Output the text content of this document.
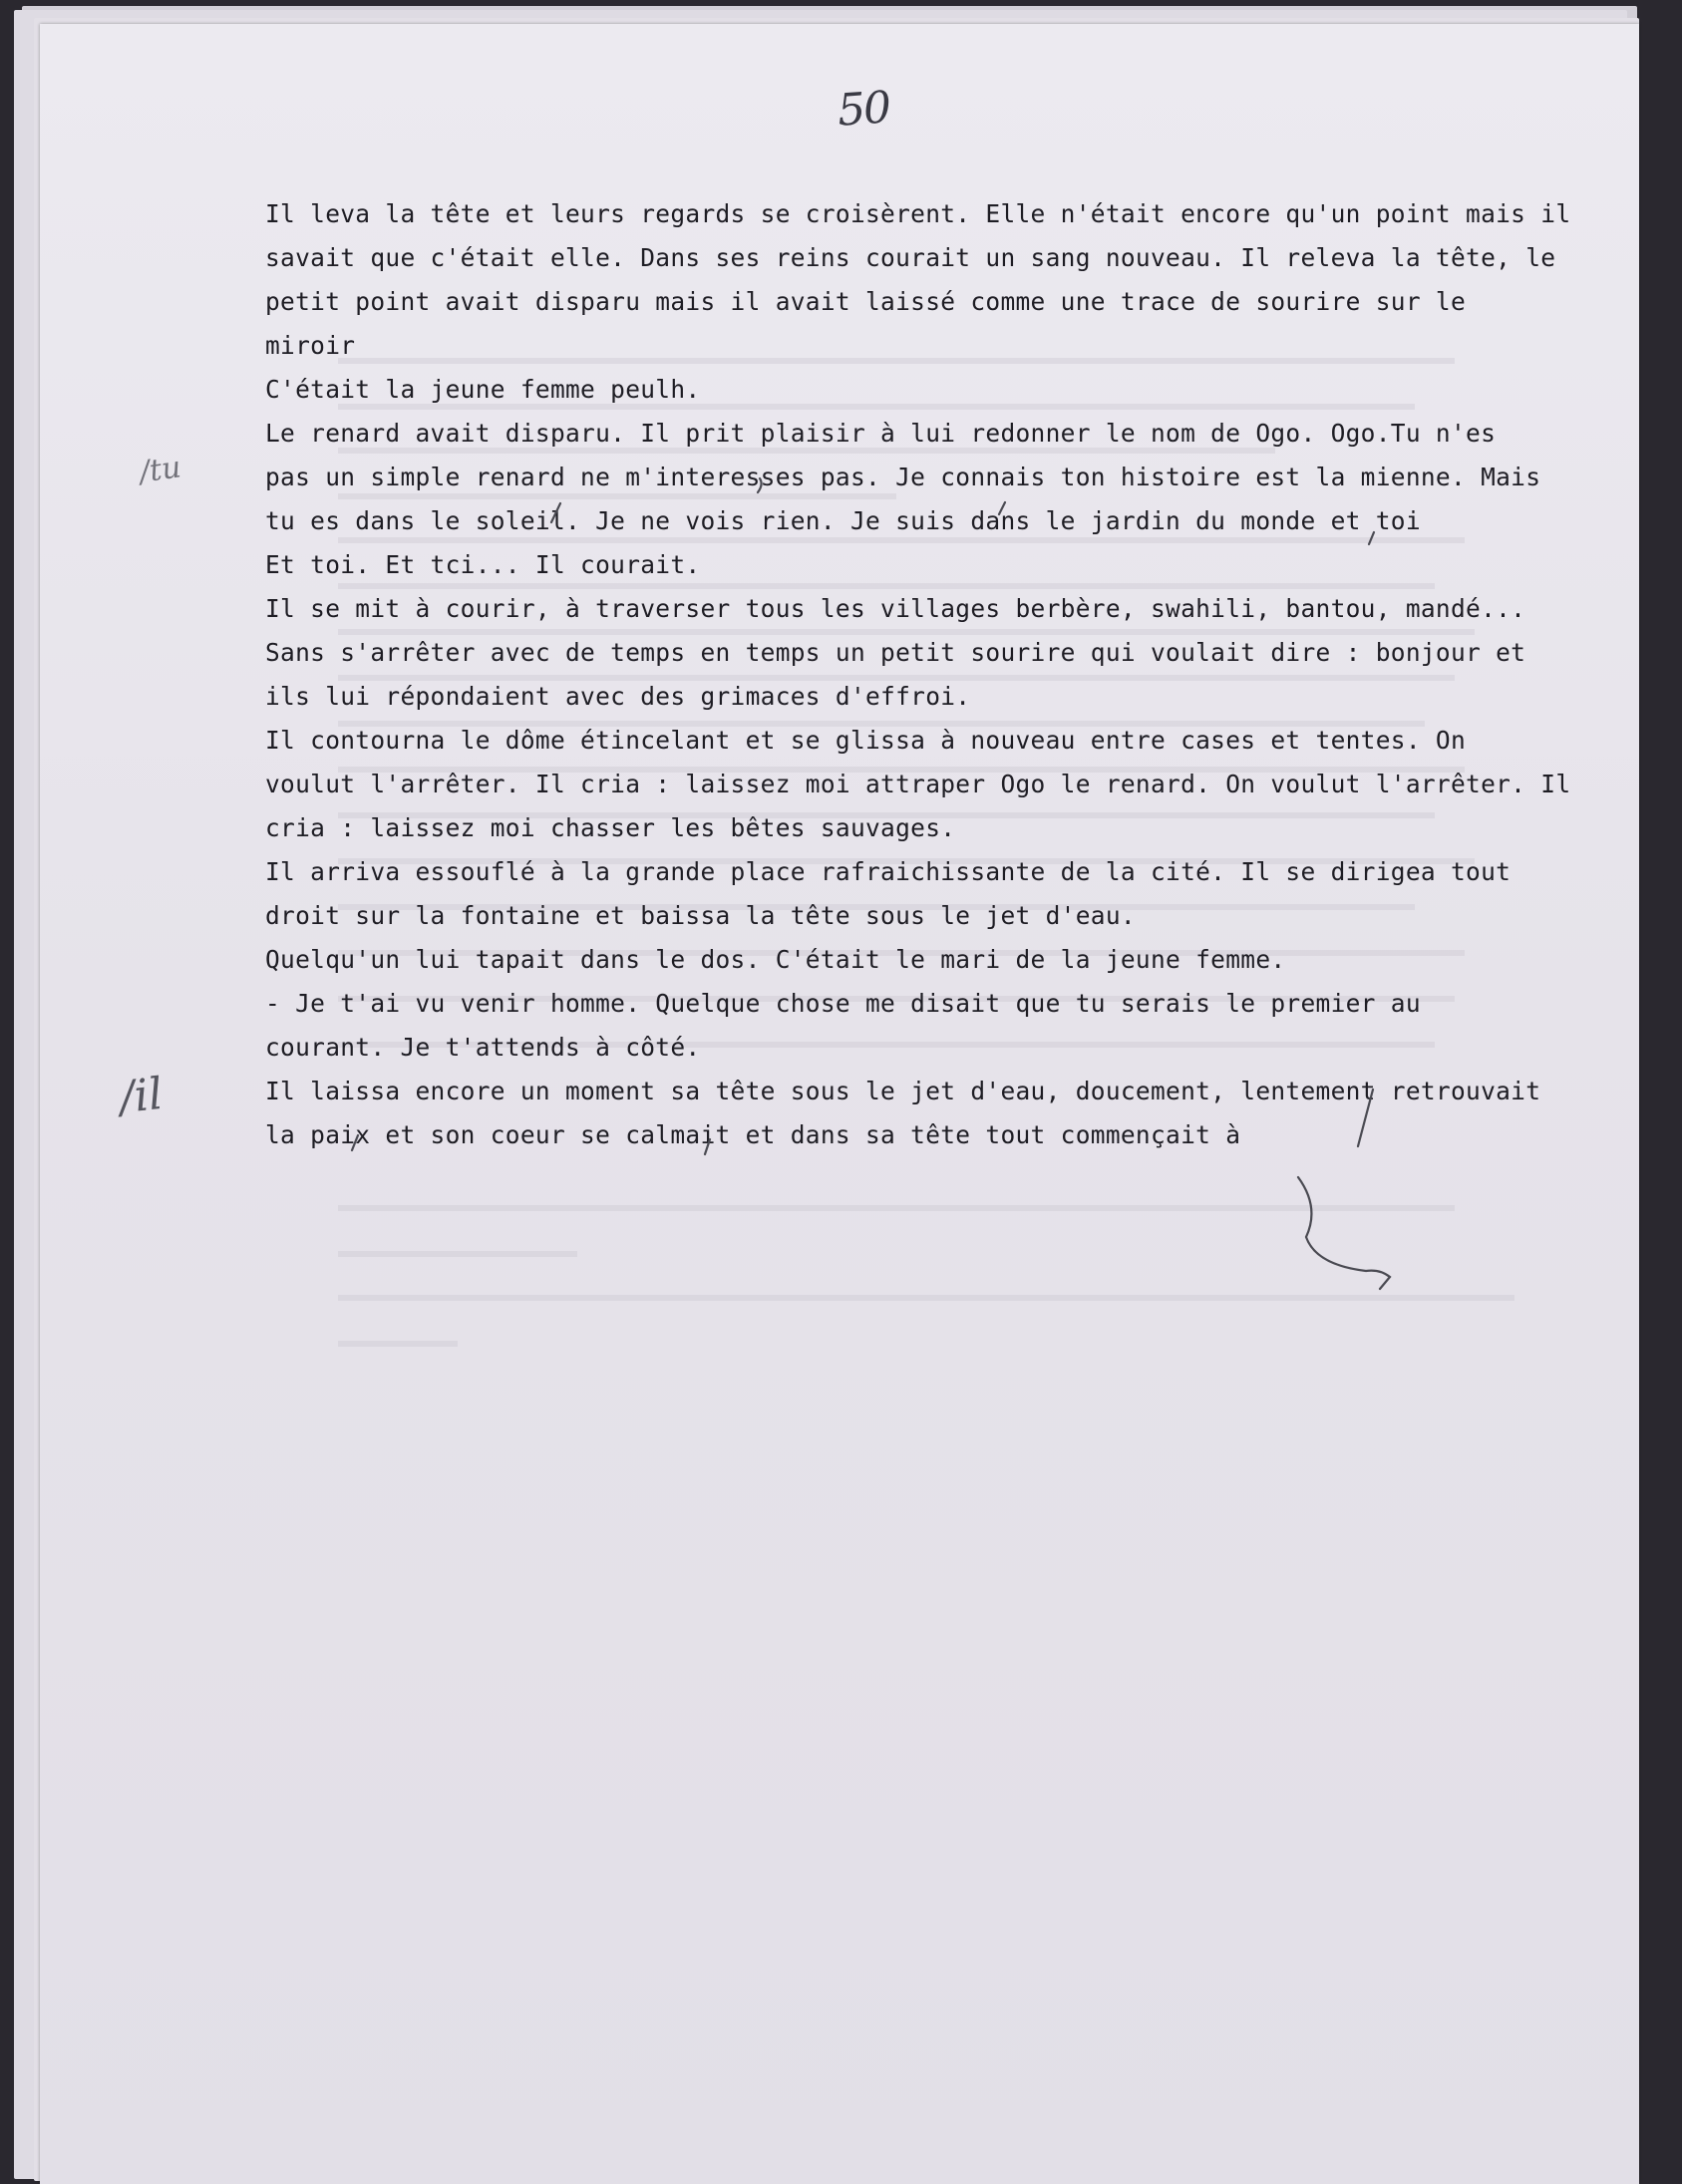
50
Il leva la tête et leurs regards se croisèrent. Elle n'était encore qu'un point mais il
savait que c'était elle. Dans ses reins courait un sang nouveau. Il releva la tête, le
petit point avait disparu mais il avait laissé comme une trace de sourire sur le
miroir
C'était la jeune femme peulh.
Le renard avait disparu. Il prit plaisir à lui redonner le nom de Ogo. Ogo.Tu n'es
pas un simple renard ne m'interesses pas. Je connais ton histoire est la mienne. Mais
tu es dans le soleil. Je ne vois rien. Je suis dans le jardin du monde et toi
Et toi. Et tci... Il courait.
Il se mit à courir, à traverser tous les villages berbère, swahili, bantou, mandé...
Sans s'arrêter avec de temps en temps un petit sourire qui voulait dire : bonjour et
ils lui répondaient avec des grimaces d'effroi.
Il contourna le dôme étincelant et se glissa à nouveau entre cases et tentes. On
voulut l'arrêter. Il cria : laissez moi attraper Ogo le renard. On voulut l'arrêter. Il
cria : laissez moi chasser les bêtes sauvages.
Il arriva essouflé à la grande place rafraichissante de la cité. Il se dirigea tout
droit sur la fontaine et baissa la tête sous le jet d'eau.
Quelqu'un lui tapait dans le dos. C'était le mari de la jeune femme.
- Je t'ai vu venir homme. Quelque chose me disait que tu serais le premier au
courant. Je t'attends à côté.
Il laissa encore un moment sa tête sous le jet d'eau, doucement, lentement retrouvait
la paix et son coeur se calmait et dans sa tête tout commençait à
/tu
/il
